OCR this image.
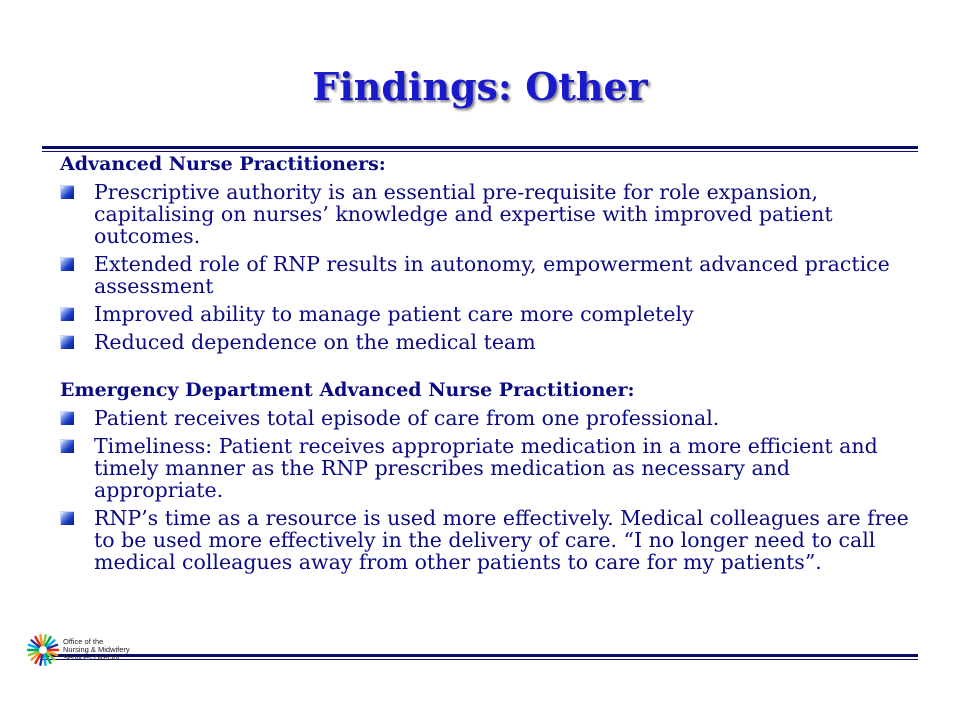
Findings: Other

Advanced Nurse Practitioners:

Prescriptive authority is an essential pre-requisite for role expansion, capitalising on nurses’ knowledge and expertise with improved patient outcomes.
Extended role of RNP results in autonomy, empowerment advanced practice assessment
Improved ability to manage patient care more completely
Reduced dependence on the medical team

Emergency Department Advanced Nurse Practitioner:

Patient receives total episode of care from one professional.
Timeliness: Patient receives appropriate medication in a more efficient and timely manner as the RNP prescribes medication as necessary and appropriate.
RNP’s time as a resource is used more effectively. Medical colleagues are free to be used more effectively in the delivery of care. “I no longer need to call medical colleagues away from other patients to care for my patients”.
Office of the
Nursing & Midwifery
Services Director
